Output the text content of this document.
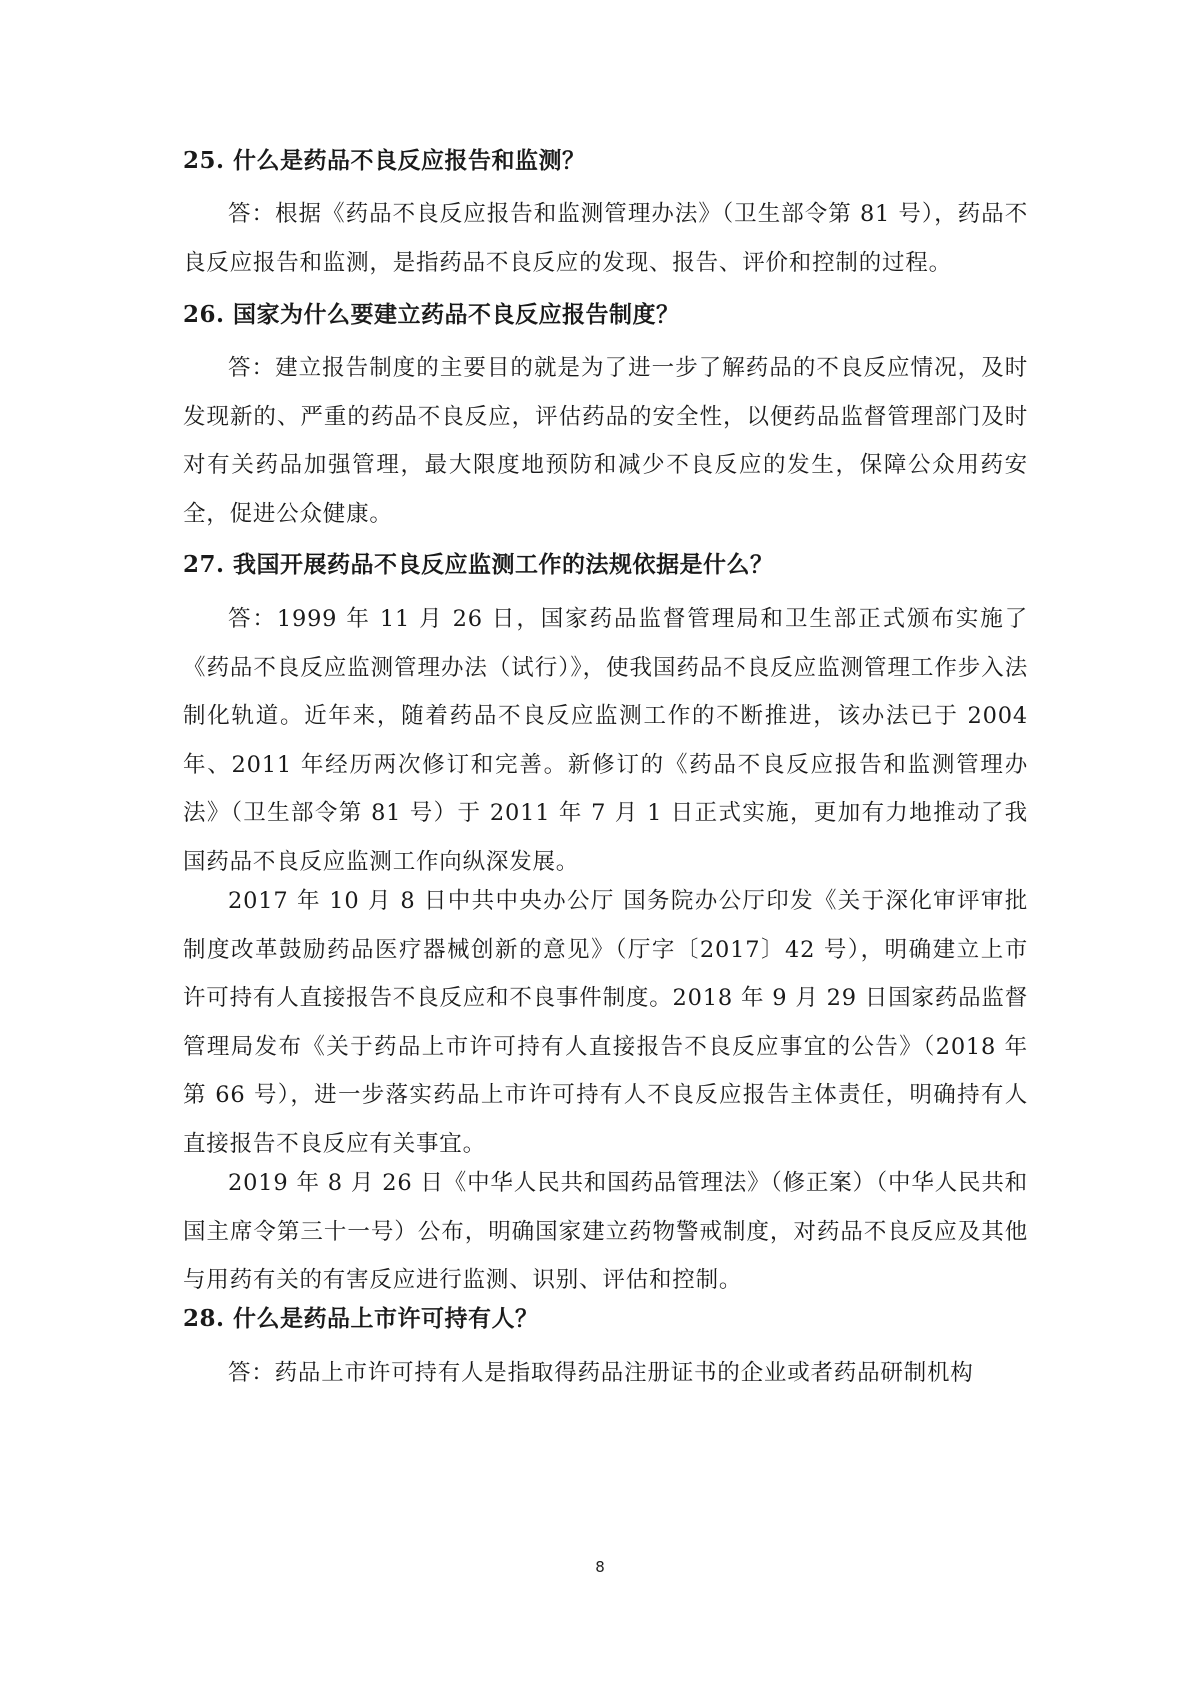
25. 什么是药品不良反应报告和监测？
答：根据《药品不良反应报告和监测管理办法》（卫生部令第 81 号），药品不良反应报告和监测，是指药品不良反应的发现、报告、评价和控制的过程。
26. 国家为什么要建立药品不良反应报告制度？
答：建立报告制度的主要目的就是为了进一步了解药品的不良反应情况，及时发现新的、严重的药品不良反应，评估药品的安全性，以便药品监督管理部门及时对有关药品加强管理，最大限度地预防和减少不良反应的发生，保障公众用药安全，促进公众健康。
27. 我国开展药品不良反应监测工作的法规依据是什么？
答：1999 年 11 月 26 日，国家药品监督管理局和卫生部正式颁布实施了《药品不良反应监测管理办法（试行）》，使我国药品不良反应监测管理工作步入法制化轨道。近年来，随着药品不良反应监测工作的不断推进，该办法已于 2004 年、2011 年经历两次修订和完善。新修订的《药品不良反应报告和监测管理办法》（卫生部令第 81 号）于 2011 年 7 月 1 日正式实施，更加有力地推动了我国药品不良反应监测工作向纵深发展。
2017 年 10 月 8 日中共中央办公厅 国务院办公厅印发《关于深化审评审批制度改革鼓励药品医疗器械创新的意见》（厅字〔2017〕42 号），明确建立上市许可持有人直接报告不良反应和不良事件制度。2018 年 9 月 29 日国家药品监督管理局发布《关于药品上市许可持有人直接报告不良反应事宜的公告》（2018 年第 66 号），进一步落实药品上市许可持有人不良反应报告主体责任，明确持有人直接报告不良反应有关事宜。
2019 年 8 月 26 日《中华人民共和国药品管理法》（修正案）（中华人民共和国主席令第三十一号）公布，明确国家建立药物警戒制度，对药品不良反应及其他与用药有关的有害反应进行监测、识别、评估和控制。
28. 什么是药品上市许可持有人？
答：药品上市许可持有人是指取得药品注册证书的企业或者药品研制机构
8
